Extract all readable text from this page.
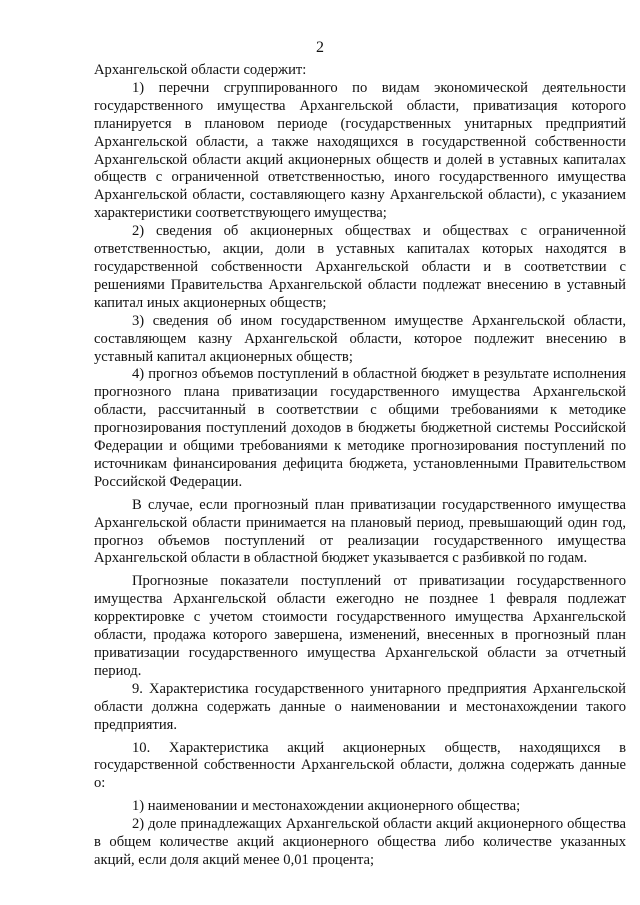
2

Архангельской области содержит:

1) перечни сгруппированного по видам экономической деятельности государственного имущества Архангельской области, приватизация которого планируется в плановом периоде (государственных унитарных предприятий Архангельской области, а также находящихся в государственной собственности Архангельской области акций акционерных обществ и долей в уставных капиталах обществ с ограниченной ответственностью, иного государственного имущества Архангельской области, составляющего казну Архангельской области), с указанием характеристики соответствующего имущества;

2) сведения об акционерных обществах и обществах с ограниченной ответственностью, акции, доли в уставных капиталах которых находятся в государственной собственности Архангельской области и в соответствии с решениями Правительства Архангельской области подлежат внесению в уставный капитал иных акционерных обществ;

3) сведения об ином государственном имуществе Архангельской области, составляющем казну Архангельской области, которое подлежит внесению в уставный капитал акционерных обществ;

4) прогноз объемов поступлений в областной бюджет в результате исполнения прогнозного плана приватизации государственного имущества Архангельской области, рассчитанный в соответствии с общими требованиями к методике прогнозирования поступлений доходов в бюджеты бюджетной системы Российской Федерации и общими требованиями к методике прогнозирования поступлений по источникам финансирования дефицита бюджета, установленными Правительством Российской Федерации.

В случае, если прогнозный план приватизации государственного имущества Архангельской области принимается на плановый период, превышающий один год, прогноз объемов поступлений от реализации государственного имущества Архангельской области в областной бюджет указывается с разбивкой по годам.

Прогнозные показатели поступлений от приватизации государственного имущества Архангельской области ежегодно не позднее 1 февраля подлежат корректировке с учетом стоимости государственного имущества Архангельской области, продажа которого завершена, изменений, внесенных в прогнозный план приватизации государственного имущества Архангельской области за отчетный период.

9. Характеристика государственного унитарного предприятия Архангельской области должна содержать данные о наименовании и местонахождении такого предприятия.

10. Характеристика акций акционерных обществ, находящихся в государственной собственности Архангельской области, должна содержать данные о:

1) наименовании и местонахождении акционерного общества;

2) доле принадлежащих Архангельской области акций акционерного общества в общем количестве акций акционерного общества либо количестве указанных акций, если доля акций менее 0,01 процента;
